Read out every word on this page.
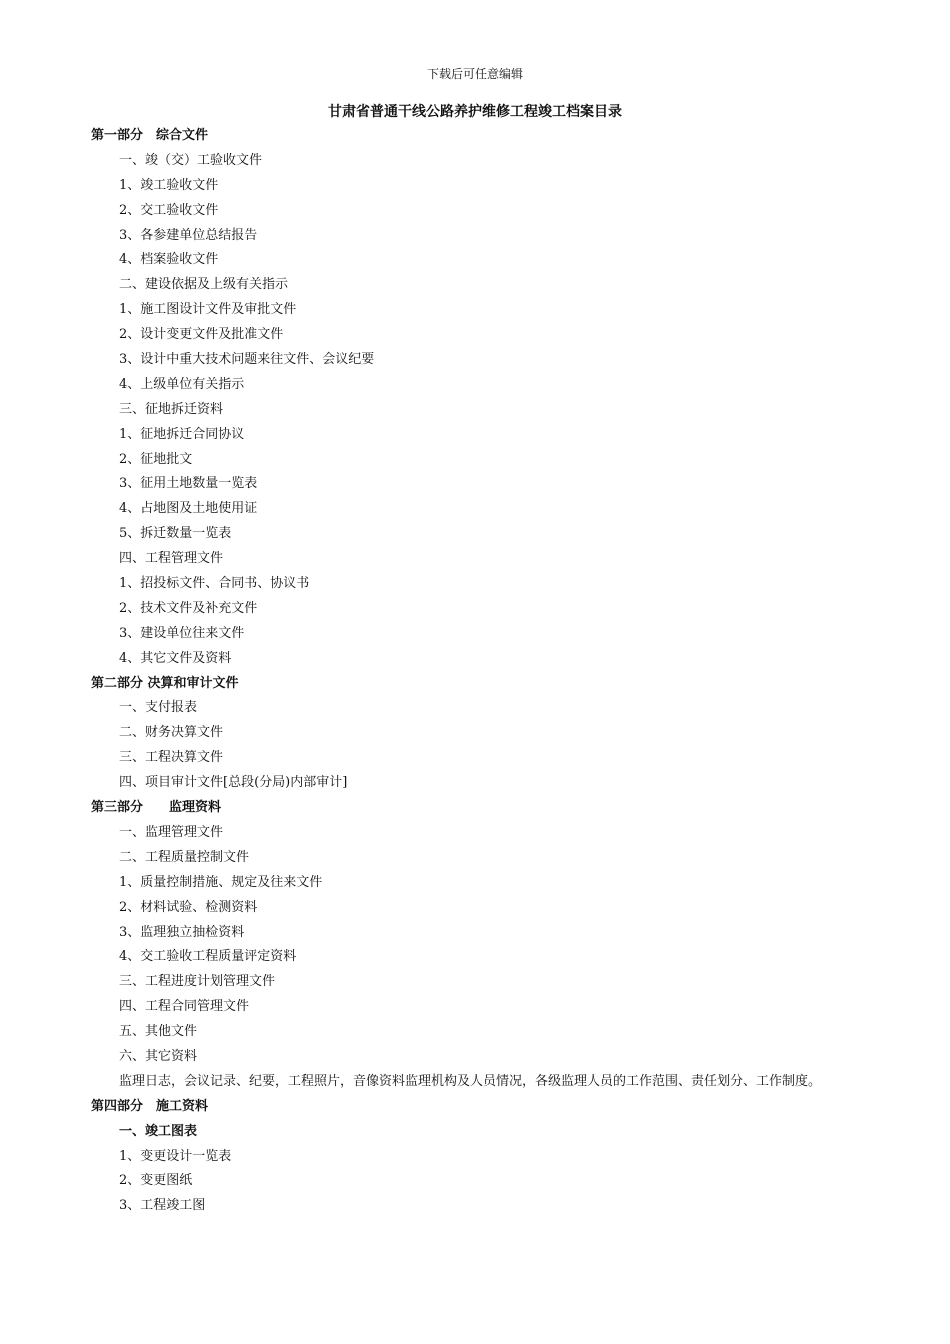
下载后可任意编辑
甘肃省普通干线公路养护维修工程竣工档案目录
第一部分　综合文件
一、竣（交）工验收文件
1、竣工验收文件
2、交工验收文件
3、各参建单位总结报告
4、档案验收文件
二、建设依据及上级有关指示
1、施工图设计文件及审批文件
2、设计变更文件及批准文件
3、设计中重大技术问题来往文件、会议纪要
4、上级单位有关指示
三、征地拆迁资料
1、征地拆迁合同协议
2、征地批文
3、征用土地数量一览表
4、占地图及土地使用证
5、拆迁数量一览表
四、工程管理文件
1、招投标文件、合同书、协议书
2、技术文件及补充文件
3、建设单位往来文件
4、其它文件及资料
第二部分 决算和审计文件
一、支付报表
二、财务决算文件
三、工程决算文件
四、项目审计文件[总段(分局)内部审计]
第三部分　　监理资料
一、监理管理文件
二、工程质量控制文件
1、质量控制措施、规定及往来文件
2、材料试验、检测资料
3、监理独立抽检资料
4、交工验收工程质量评定资料
三、工程进度计划管理文件
四、工程合同管理文件
五、其他文件
六、其它资料
监理日志，会议记录、纪要，工程照片，音像资料监理机构及人员情况，各级监理人员的工作范围、责任划分、工作制度。
第四部分　施工资料
一、竣工图表
1、变更设计一览表
2、变更图纸
3、工程竣工图
